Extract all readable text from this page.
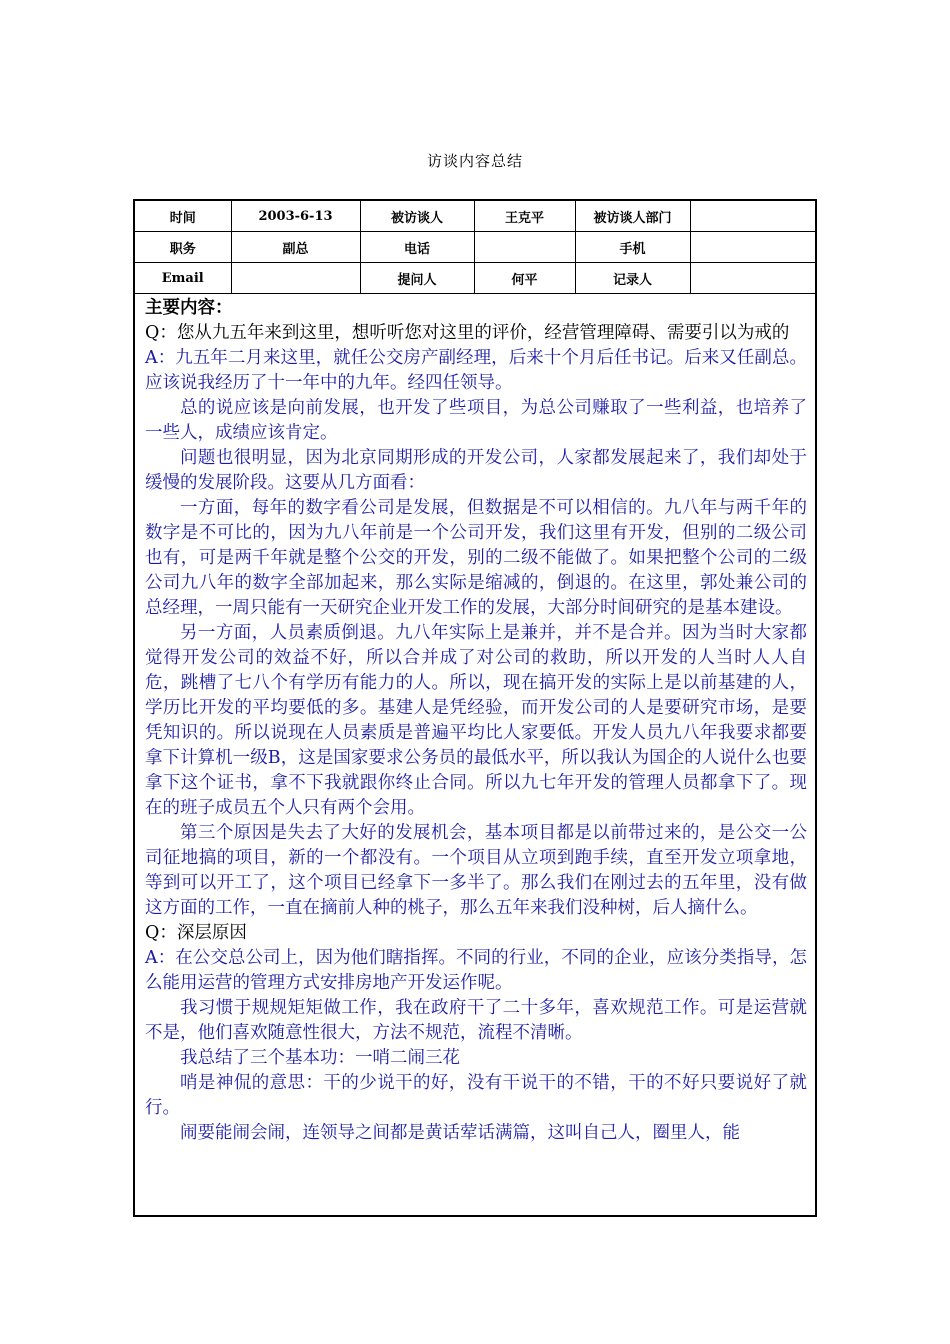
访谈内容总结
时间	2003-6-13	被访谈人	王克平	被访谈人部门	
职务	副总	电话		手机	
Email		提问人	何平	记录人	
主要内容：

Q：您从九五年来到这里，想听听您对这里的评价，经营管理障碍、需要引以为戒的

A：九五年二月来这里，就任公交房产副经理，后来十个月后任书记。后来又任副总。应该说我经历了十一年中的九年。经四任领导。

总的说应该是向前发展，也开发了些项目，为总公司赚取了一些利益，也培养了一些人，成绩应该肯定。

问题也很明显，因为北京同期形成的开发公司，人家都发展起来了，我们却处于缓慢的发展阶段。这要从几方面看：

一方面，每年的数字看公司是发展，但数据是不可以相信的。九八年与两千年的数字是不可比的，因为九八年前是一个公司开发，我们这里有开发，但别的二级公司也有，可是两千年就是整个公交的开发，别的二级不能做了。如果把整个公司的二级公司九八年的数字全部加起来，那么实际是缩减的，倒退的。在这里，郭处兼公司的总经理，一周只能有一天研究企业开发工作的发展，大部分时间研究的是基本建设。

另一方面，人员素质倒退。九八年实际上是兼并，并不是合并。因为当时大家都觉得开发公司的效益不好，所以合并成了对公司的救助，所以开发的人当时人人自危，跳槽了七八个有学历有能力的人。所以，现在搞开发的实际上是以前基建的人，学历比开发的平均要低的多。基建人是凭经验，而开发公司的人是要研究市场，是要凭知识的。所以说现在人员素质是普遍平均比人家要低。开发人员九八年我要求都要拿下计算机一级B，这是国家要求公务员的最低水平，所以我认为国企的人说什么也要拿下这个证书，拿不下我就跟你终止合同。所以九七年开发的管理人员都拿下了。现在的班子成员五个人只有两个会用。

第三个原因是失去了大好的发展机会，基本项目都是以前带过来的，是公交一公司征地搞的项目，新的一个都没有。一个项目从立项到跑手续，直至开发立项拿地，等到可以开工了，这个项目已经拿下一多半了。那么我们在刚过去的五年里，没有做这方面的工作，一直在摘前人种的桃子，那么五年来我们没种树，后人摘什么。

Q：深层原因

A：在公交总公司上，因为他们瞎指挥。不同的行业，不同的企业，应该分类指导，怎么能用运营的管理方式安排房地产开发运作呢。

我习惯于规规矩矩做工作，我在政府干了二十多年，喜欢规范工作。可是运营就不是，他们喜欢随意性很大，方法不规范，流程不清晰。

我总结了三个基本功：一哨二闹三花

哨是神侃的意思：干的少说干的好，没有干说干的不错，干的不好只要说好了就行。

闹要能闹会闹，连领导之间都是黄话荤话满篇，这叫自己人，圈里人，能
